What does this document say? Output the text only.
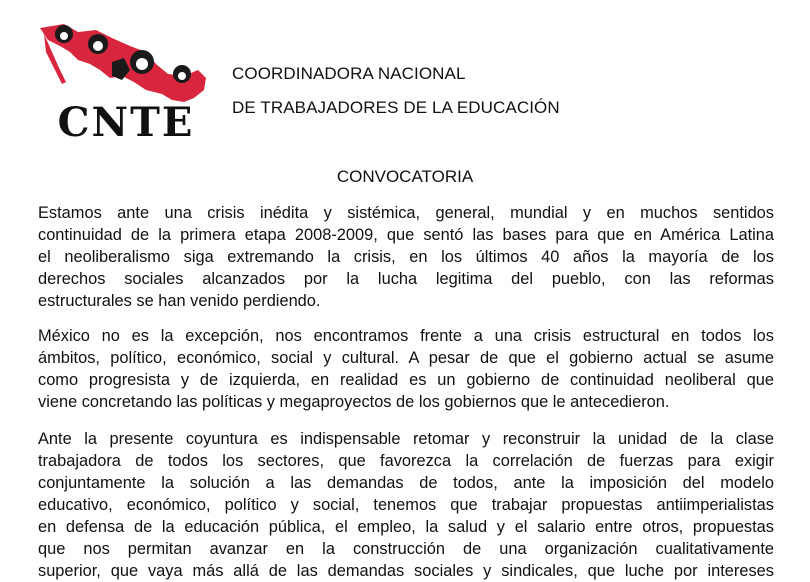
CNTE
COORDINADORA NACIONAL
DE TRABAJADORES DE LA EDUCACIÓN
CONVOCATORIA
Estamos ante una crisis inédita y sistémica, general, mundial y en muchos sentidos
continuidad de la primera etapa 2008-2009, que sentó las bases para que en América Latina
el neoliberalismo siga extremando la crisis, en los últimos 40 años la mayoría de los
derechos sociales alcanzados por la lucha legitima del pueblo, con las reformas
estructurales se han venido perdiendo.
México no es la excepción, nos encontramos frente a una crisis estructural en todos los
ámbitos, político, económico, social y cultural. A pesar de que el gobierno actual se asume
como progresista y de izquierda, en realidad es un gobierno de continuidad neoliberal que
viene concretando las políticas y megaproyectos de los gobiernos que le antecedieron.
Ante la presente coyuntura es indispensable retomar y reconstruir la unidad de la clase
trabajadora de todos los sectores, que favorezca la correlación de fuerzas para exigir
conjuntamente la solución a las demandas de todos, ante la imposición del modelo
educativo, económico, político y social, tenemos que trabajar propuestas antiimperialistas
en defensa de la educación pública, el empleo, la salud y el salario entre otros, propuestas
que nos permitan avanzar en la construcción de una organización cualitativamente
superior, que vaya más allá de las demandas sociales y sindicales, que luche por intereses
